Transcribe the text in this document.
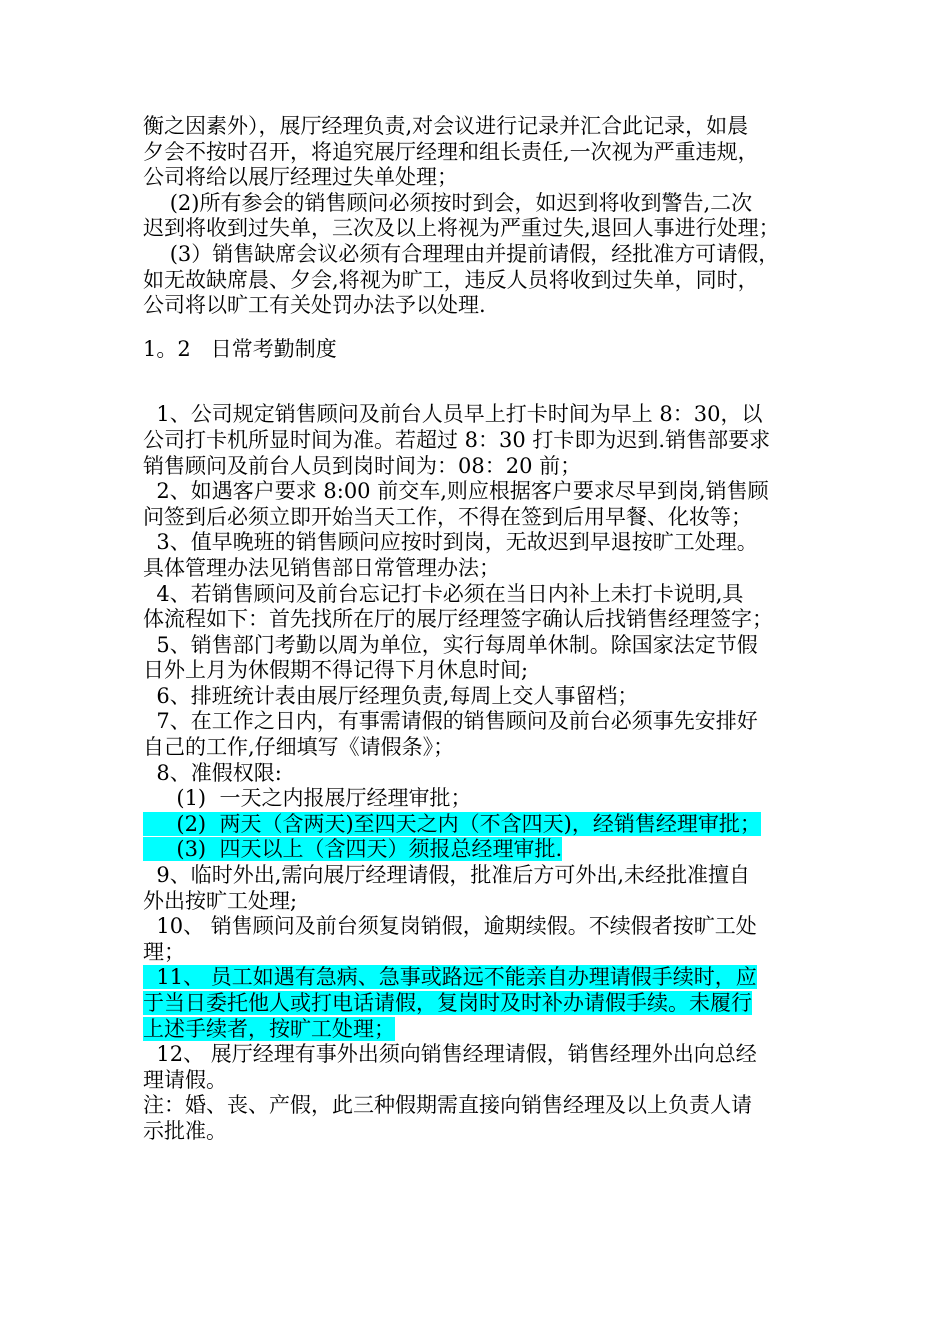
衡之因素外），展厅经理负责,对会议进行记录并汇合此记录，如晨
夕会不按时召开，将追究展厅经理和组长责任,一次视为严重违规，
公司将给以展厅经理过失单处理；
(2)所有参会的销售顾问必须按时到会，如迟到将收到警告,二次
迟到将收到过失单，三次及以上将视为严重过失,退回人事进行处理；
(3）销售缺席会议必须有合理理由并提前请假，经批准方可请假，
如无故缺席晨、夕会,将视为旷工，违反人员将收到过失单，同时，
公司将以旷工有关处罚办法予以处理.
1。2   日常考勤制度
1、公司规定销售顾问及前台人员早上打卡时间为早上 8：30，以
公司打卡机所显时间为准。若超过 8：30 打卡即为迟到.销售部要求
销售顾问及前台人员到岗时间为：08：20 前；
2、如遇客户要求 8:00 前交车,则应根据客户要求尽早到岗,销售顾
问签到后必须立即开始当天工作，不得在签到后用早餐、化妆等；
3、值早晚班的销售顾问应按时到岗，无故迟到早退按旷工处理。
具体管理办法见销售部日常管理办法；
4、若销售顾问及前台忘记打卡必须在当日内补上未打卡说明,具
体流程如下：首先找所在厅的展厅经理签字确认后找销售经理签字；
5、销售部门考勤以周为单位，实行每周单休制。除国家法定节假
日外上月为休假期不得记得下月休息时间;
6、排班统计表由展厅经理负责,每周上交人事留档；
7、在工作之日内，有事需请假的销售顾问及前台必须事先安排好
自己的工作,仔细填写《请假条》；
8、准假权限:
(1)  一天之内报展厅经理审批；
(2)  两天（含两天)至四天之内（不含四天)，经销售经理审批；
(3)  四天以上（含四天）须报总经理审批.
9、临时外出,需向展厅经理请假，批准后方可外出,未经批准擅自
外出按旷工处理;
10、 销售顾问及前台须复岗销假，逾期续假。不续假者按旷工处
理；
11、 员工如遇有急病、急事或路远不能亲自办理请假手续时，应
于当日委托他人或打电话请假，复岗时及时补办请假手续。未履行
上述手续者，按旷工处理；
12、 展厅经理有事外出须向销售经理请假，销售经理外出向总经
理请假。
注：婚、丧、产假，此三种假期需直接向销售经理及以上负责人请
示批准。
